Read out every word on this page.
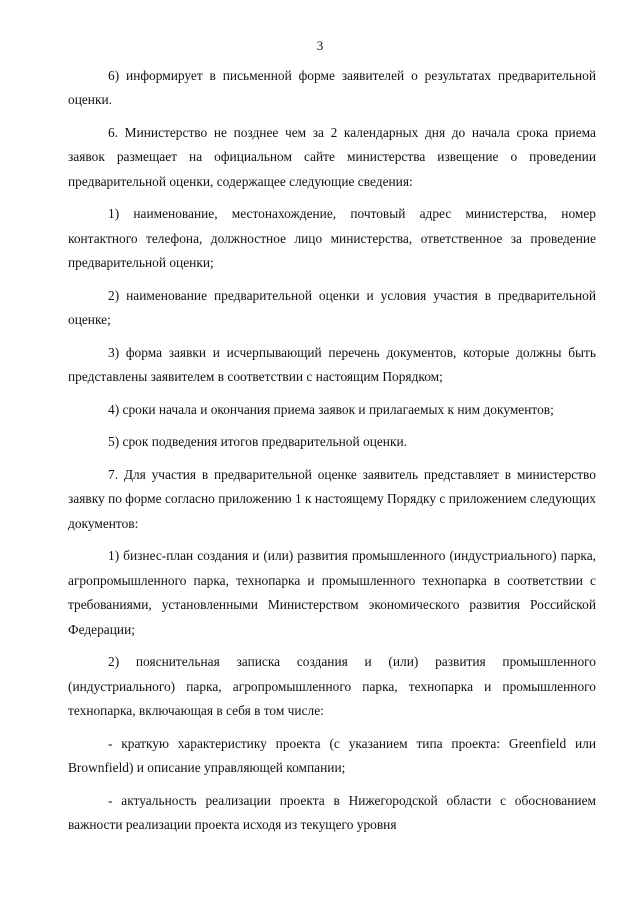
3

6) информирует в письменной форме заявителей о результатах предварительной оценки.

6. Министерство не позднее чем за 2 календарных дня до начала срока приема заявок размещает на официальном сайте министерства извещение о проведении предварительной оценки, содержащее следующие сведения:

1) наименование, местонахождение, почтовый адрес министерства, номер контактного телефона, должностное лицо министерства, ответственное за проведение предварительной оценки;

2) наименование предварительной оценки и условия участия в предварительной оценке;

3) форма заявки и исчерпывающий перечень документов, которые должны быть представлены заявителем в соответствии с настоящим Порядком;

4) сроки начала и окончания приема заявок и прилагаемых к ним документов;

5) срок подведения итогов предварительной оценки.

7. Для участия в предварительной оценке заявитель представляет в министерство заявку по форме согласно приложению 1 к настоящему Порядку с приложением следующих документов:

1) бизнес-план создания и (или) развития промышленного (индустриального) парка, агропромышленного парка, технопарка и промышленного технопарка в соответствии с требованиями, установленными Министерством экономического развития Российской Федерации;

2) пояснительная записка создания и (или) развития промышленного (индустриального) парка, агропромышленного парка, технопарка и промышленного технопарка, включающая в себя в том числе:

- краткую характеристику проекта (с указанием типа проекта: Greenfield или Brownfield) и описание управляющей компании;

- актуальность реализации проекта в Нижегородской области с обоснованием важности реализации проекта исходя из текущего уровня
